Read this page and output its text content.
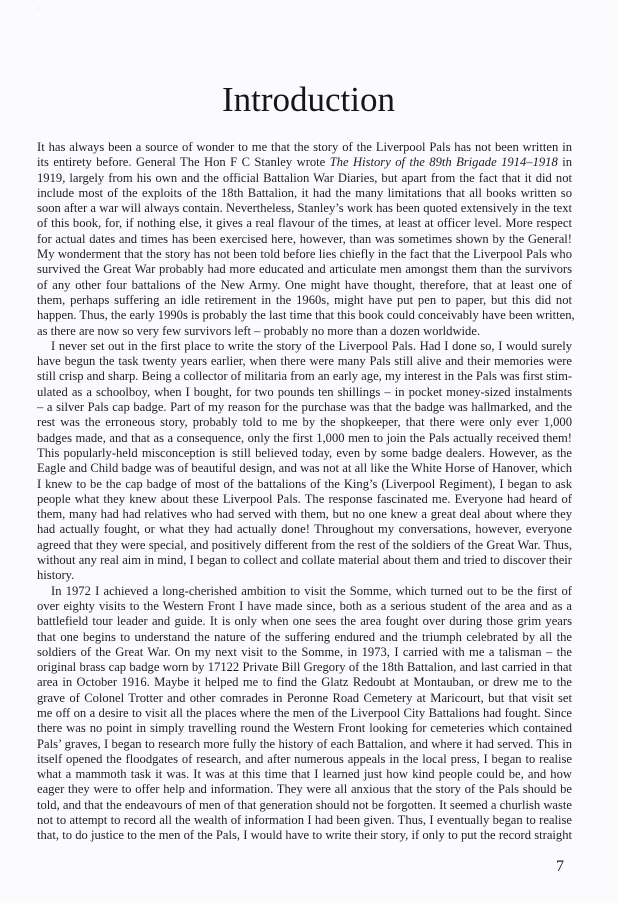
·
Introduction
It has always been a source of wonder to me that the story of the Liverpool Pals has not been written in
its entirety before. General The Hon F C Stanley wrote The History of the 89th Brigade 1914–1918 in
1919, largely from his own and the official Battalion War Diaries, but apart from the fact that it did not
include most of the exploits of the 18th Battalion, it had the many limitations that all books written so
soon after a war will always contain. Nevertheless, Stanley’s work has been quoted extensively in the text
of this book, for, if nothing else, it gives a real flavour of the times, at least at officer level. More respect
for actual dates and times has been exercised here, however, than was sometimes shown by the General!
My wonderment that the story has not been told before lies chiefly in the fact that the Liverpool Pals who
survived the Great War probably had more educated and articulate men amongst them than the survivors
of any other four battalions of the New Army. One might have thought, therefore, that at least one of
them, perhaps suffering an idle retirement in the 1960s, might have put pen to paper, but this did not
happen. Thus, the early 1990s is probably the last time that this book could conceivably have been written,
as there are now so very few survivors left – probably no more than a dozen worldwide.
I never set out in the first place to write the story of the Liverpool Pals. Had I done so, I would surely
have begun the task twenty years earlier, when there were many Pals still alive and their memories were
still crisp and sharp. Being a collector of militaria from an early age, my interest in the Pals was first stim-
ulated as a schoolboy, when I bought, for two pounds ten shillings – in pocket money-sized instalments
– a silver Pals cap badge. Part of my reason for the purchase was that the badge was hallmarked, and the
rest was the erroneous story, probably told to me by the shopkeeper, that there were only ever 1,000
badges made, and that as a consequence, only the first 1,000 men to join the Pals actually received them!
This popularly-held misconception is still believed today, even by some badge dealers. However, as the
Eagle and Child badge was of beautiful design, and was not at all like the White Horse of Hanover, which
I knew to be the cap badge of most of the battalions of the King’s (Liverpool Regiment), I began to ask
people what they knew about these Liverpool Pals. The response fascinated me. Everyone had heard of
them, many had had relatives who had served with them, but no one knew a great deal about where they
had actually fought, or what they had actually done! Throughout my conversations, however, everyone
agreed that they were special, and positively different from the rest of the soldiers of the Great War. Thus,
without any real aim in mind, I began to collect and collate material about them and tried to discover their
history.
In 1972 I achieved a long-cherished ambition to visit the Somme, which turned out to be the first of
over eighty visits to the Western Front I have made since, both as a serious student of the area and as a
battlefield tour leader and guide. It is only when one sees the area fought over during those grim years
that one begins to understand the nature of the suffering endured and the triumph celebrated by all the
soldiers of the Great War. On my next visit to the Somme, in 1973, I carried with me a talisman – the
original brass cap badge worn by 17122 Private Bill Gregory of the 18th Battalion, and last carried in that
area in October 1916. Maybe it helped me to find the Glatz Redoubt at Montauban, or drew me to the
grave of Colonel Trotter and other comrades in Peronne Road Cemetery at Maricourt, but that visit set
me off on a desire to visit all the places where the men of the Liverpool City Battalions had fought. Since
there was no point in simply travelling round the Western Front looking for cemeteries which contained
Pals’ graves, I began to research more fully the history of each Battalion, and where it had served. This in
itself opened the floodgates of research, and after numerous appeals in the local press, I began to realise
what a mammoth task it was. It was at this time that I learned just how kind people could be, and how
eager they were to offer help and information. They were all anxious that the story of the Pals should be
told, and that the endeavours of men of that generation should not be forgotten. It seemed a churlish waste
not to attempt to record all the wealth of information I had been given. Thus, I eventually began to realise
that, to do justice to the men of the Pals, I would have to write their story, if only to put the record straight
7
